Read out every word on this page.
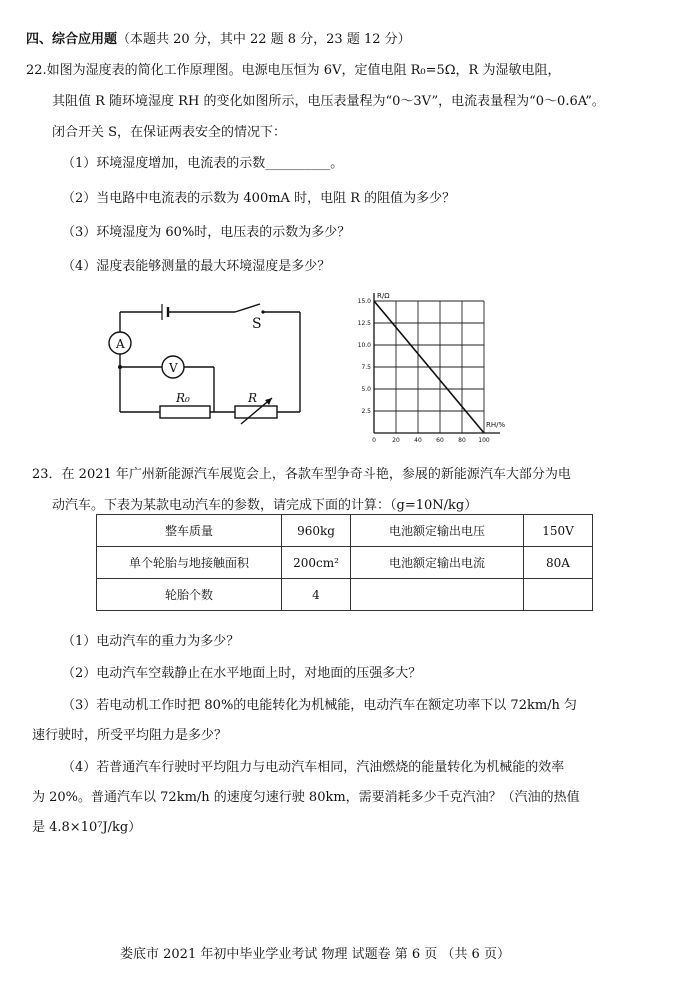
四、综合应用题（本题共 20 分，其中 22 题 8 分，23 题 12 分）
22.如图为湿度表的简化工作原理图。电源电压恒为 6V，定值电阻 R₀=5Ω，R 为湿敏电阻，
其阻值 R 随环境湿度 RH 的变化如图所示，电压表量程为“0～3V”，电流表量程为“0～0.6A”。
闭合开关 S，在保证两表安全的情况下：
（1）环境湿度增加，电流表的示数__________。
（2）当电路中电流表的示数为 400mA 时，电阻 R 的阻值为多少？
（3）环境湿度为 60%时，电压表的示数为多少？
（4）湿度表能够测量的最大环境湿度是多少？
A
V
S
R₀	R
0	20 40 60 80 100
2.5
5.0
7.5
10.0
12.5
15.0
R/Ω
RH/%
23．在 2021 年广州新能源汽车展览会上，各款车型争奇斗艳，参展的新能源汽车大部分为电
动汽车。下表为某款电动汽车的参数，请完成下面的计算：（g=10N/kg）
整车质量	960kg	电池额定输出电压	150V
单个轮胎与地接触面积	200cm²	电池额定输出电流	80A
轮胎个数	4		
（1）电动汽车的重力为多少？
（2）电动汽车空载静止在水平地面上时，对地面的压强多大？
（3）若电动机工作时把 80%的电能转化为机械能，电动汽车在额定功率下以 72km/h 匀
速行驶时，所受平均阻力是多少？
（4）若普通汽车行驶时平均阻力与电动汽车相同，汽油燃烧的能量转化为机械能的效率
为 20%。普通汽车以 72km/h 的速度匀速行驶 80km，需要消耗多少千克汽油？（汽油的热值
是 4.8×10⁷J/kg）
娄底市 2021 年初中毕业学业考试 物理 试题卷 第 6 页 （共 6 页）
